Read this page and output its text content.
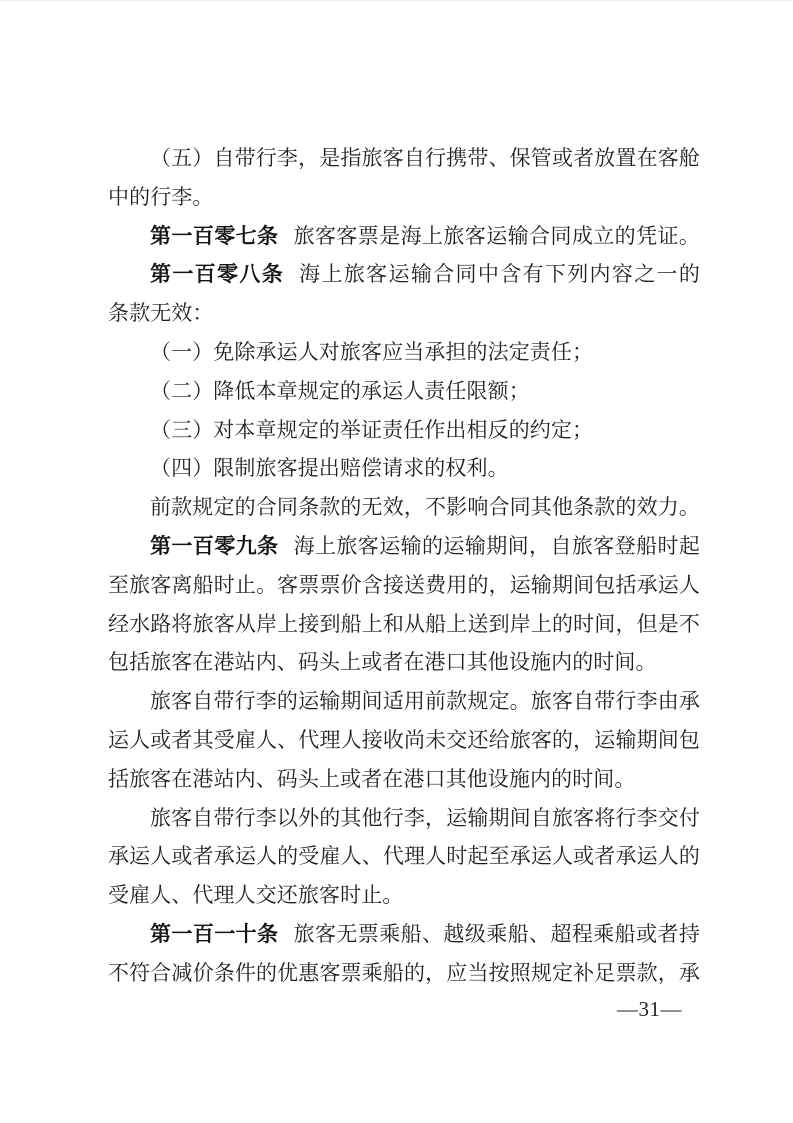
（五）自带行李，是指旅客自行携带、保管或者放置在客舱
中的行李。
第一百零七条 旅客客票是海上旅客运输合同成立的凭证。
第一百零八条 海上旅客运输合同中含有下列内容之一的
条款无效：
（一）免除承运人对旅客应当承担的法定责任；
（二）降低本章规定的承运人责任限额；
（三）对本章规定的举证责任作出相反的约定；
（四）限制旅客提出赔偿请求的权利。
前款规定的合同条款的无效，不影响合同其他条款的效力。
第一百零九条 海上旅客运输的运输期间，自旅客登船时起
至旅客离船时止。客票票价含接送费用的，运输期间包括承运人
经水路将旅客从岸上接到船上和从船上送到岸上的时间，但是不
包括旅客在港站内、码头上或者在港口其他设施内的时间。
旅客自带行李的运输期间适用前款规定。旅客自带行李由承
运人或者其受雇人、代理人接收尚未交还给旅客的，运输期间包
括旅客在港站内、码头上或者在港口其他设施内的时间。
旅客自带行李以外的其他行李，运输期间自旅客将行李交付
承运人或者承运人的受雇人、代理人时起至承运人或者承运人的
受雇人、代理人交还旅客时止。
第一百一十条 旅客无票乘船、越级乘船、超程乘船或者持
不符合减价条件的优惠客票乘船的，应当按照规定补足票款，承
—31—
